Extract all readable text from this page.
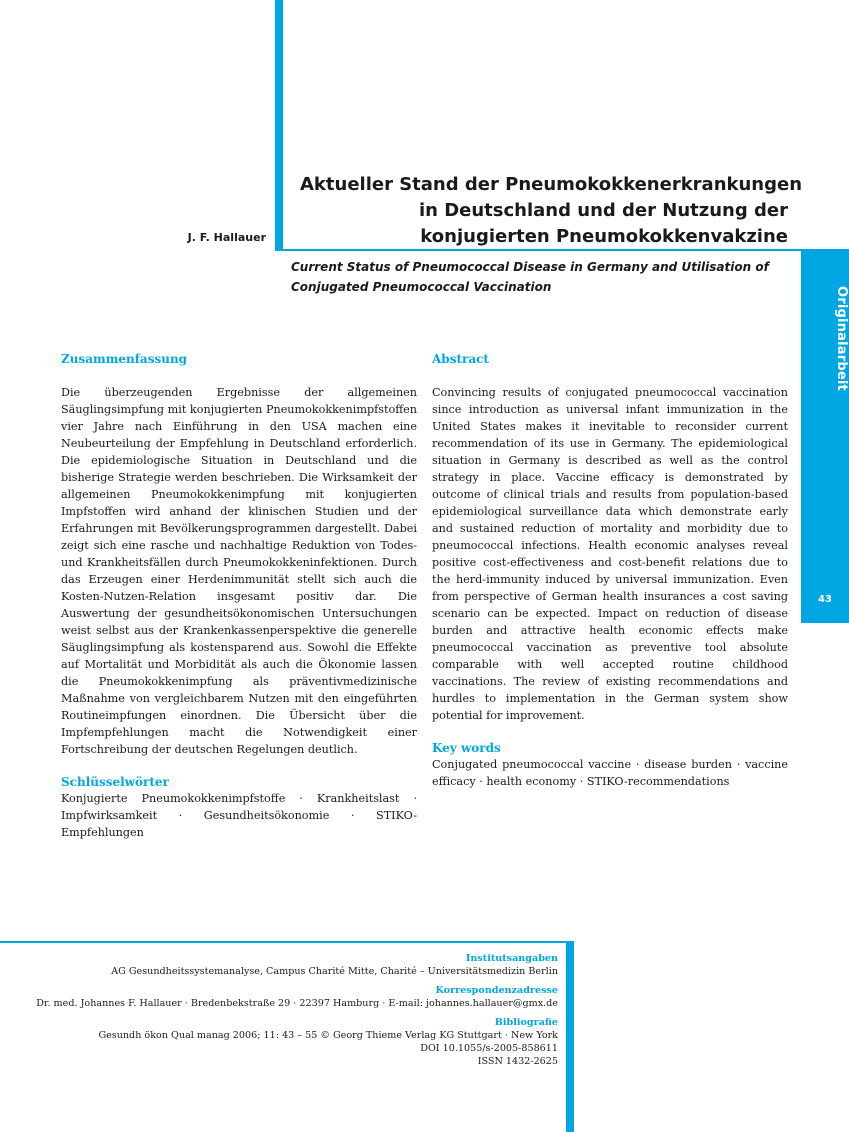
Originalarbeit
43
Aktueller Stand der Pneumokokkenerkrankungen
in Deutschland und der Nutzung der
konjugierten Pneumokokkenvakzine
J. F. Hallauer
Current Status of Pneumococcal Disease in Germany and Utilisation of
Conjugated Pneumococcal Vaccination
Zusammenfassung

Die überzeugenden Ergebnisse der allgemeinen Säuglingsimpfung mit konjugierten Pneumokokkenimpfstoffen vier Jahre nach Einführung in den USA machen eine Neubeurteilung der Empfehlung in Deutschland erforderlich. Die epidemiologische Situation in Deutschland und die bisherige Strategie werden beschrieben. Die Wirksamkeit der allgemeinen Pneumokokkenimpfung mit konjugierten Impfstoffen wird anhand der klinischen Studien und der Erfahrungen mit Bevölkerungsprogrammen dargestellt. Dabei zeigt sich eine rasche und nachhaltige Reduktion von Todes- und Krankheitsfällen durch Pneumokokkeninfektionen. Durch das Erzeugen einer Herdenimmunität stellt sich auch die Kosten-Nutzen-Relation insgesamt positiv dar. Die Auswertung der gesundheitsökonomischen Untersuchungen weist selbst aus der Krankenkassenperspektive die generelle Säuglingsimpfung als kostensparend aus. Sowohl die Effekte auf Mortalität und Morbidität als auch die Ökonomie lassen die Pneumokokkenimpfung als präventivmedizinische Maßnahme von vergleichbarem Nutzen mit den eingeführten Routineimpfungen einordnen. Die Übersicht über die Impfempfehlungen macht die Notwendigkeit einer Fortschreibung der deutschen Regelungen deutlich.

Schlüsselwörter

Konjugierte Pneumokokkenimpfstoffe · Krankheitslast · Impfwirksamkeit · Gesundheitsökonomie · STIKO-Empfehlungen

Abstract

Convincing results of conjugated pneumococcal vaccination since introduction as universal infant immunization in the United States makes it inevitable to reconsider current recommendation of its use in Germany. The epidemiological situation in Germany is described as well as the control strategy in place. Vaccine efficacy is demonstrated by outcome of clinical trials and results from population-based epidemiological surveillance data which demonstrate early and sustained reduction of mortality and morbidity due to pneumococcal infections. Health economic analyses reveal positive cost-effectiveness and cost-benefit relations due to the herd-immunity induced by universal immunization. Even from perspective of German health insurances a cost saving scenario can be expected. Impact on reduction of disease burden and attractive health economic effects make pneumococcal vaccination as preventive tool absolute comparable with well accepted routine childhood vaccinations. The review of existing recommendations and hurdles to implementation in the German system show potential for improvement.

Key words

Conjugated pneumococcal vaccine · disease burden · vaccine efficacy · health economy · STIKO-recommendations

Institutsangaben
AG Gesundheitssystemanalyse, Campus Charité Mitte, Charité – Universitätsmedizin Berlin
Korrespondenzadresse
Dr. med. Johannes F. Hallauer · Bredenbekstraße 29 · 22397 Hamburg · E-mail: johannes.hallauer@gmx.de
Bibliografie
Gesundh ökon Qual manag 2006; 11: 43 – 55 © Georg Thieme Verlag KG Stuttgart · New York
DOI 10.1055/s-2005-858611
ISSN 1432-2625
